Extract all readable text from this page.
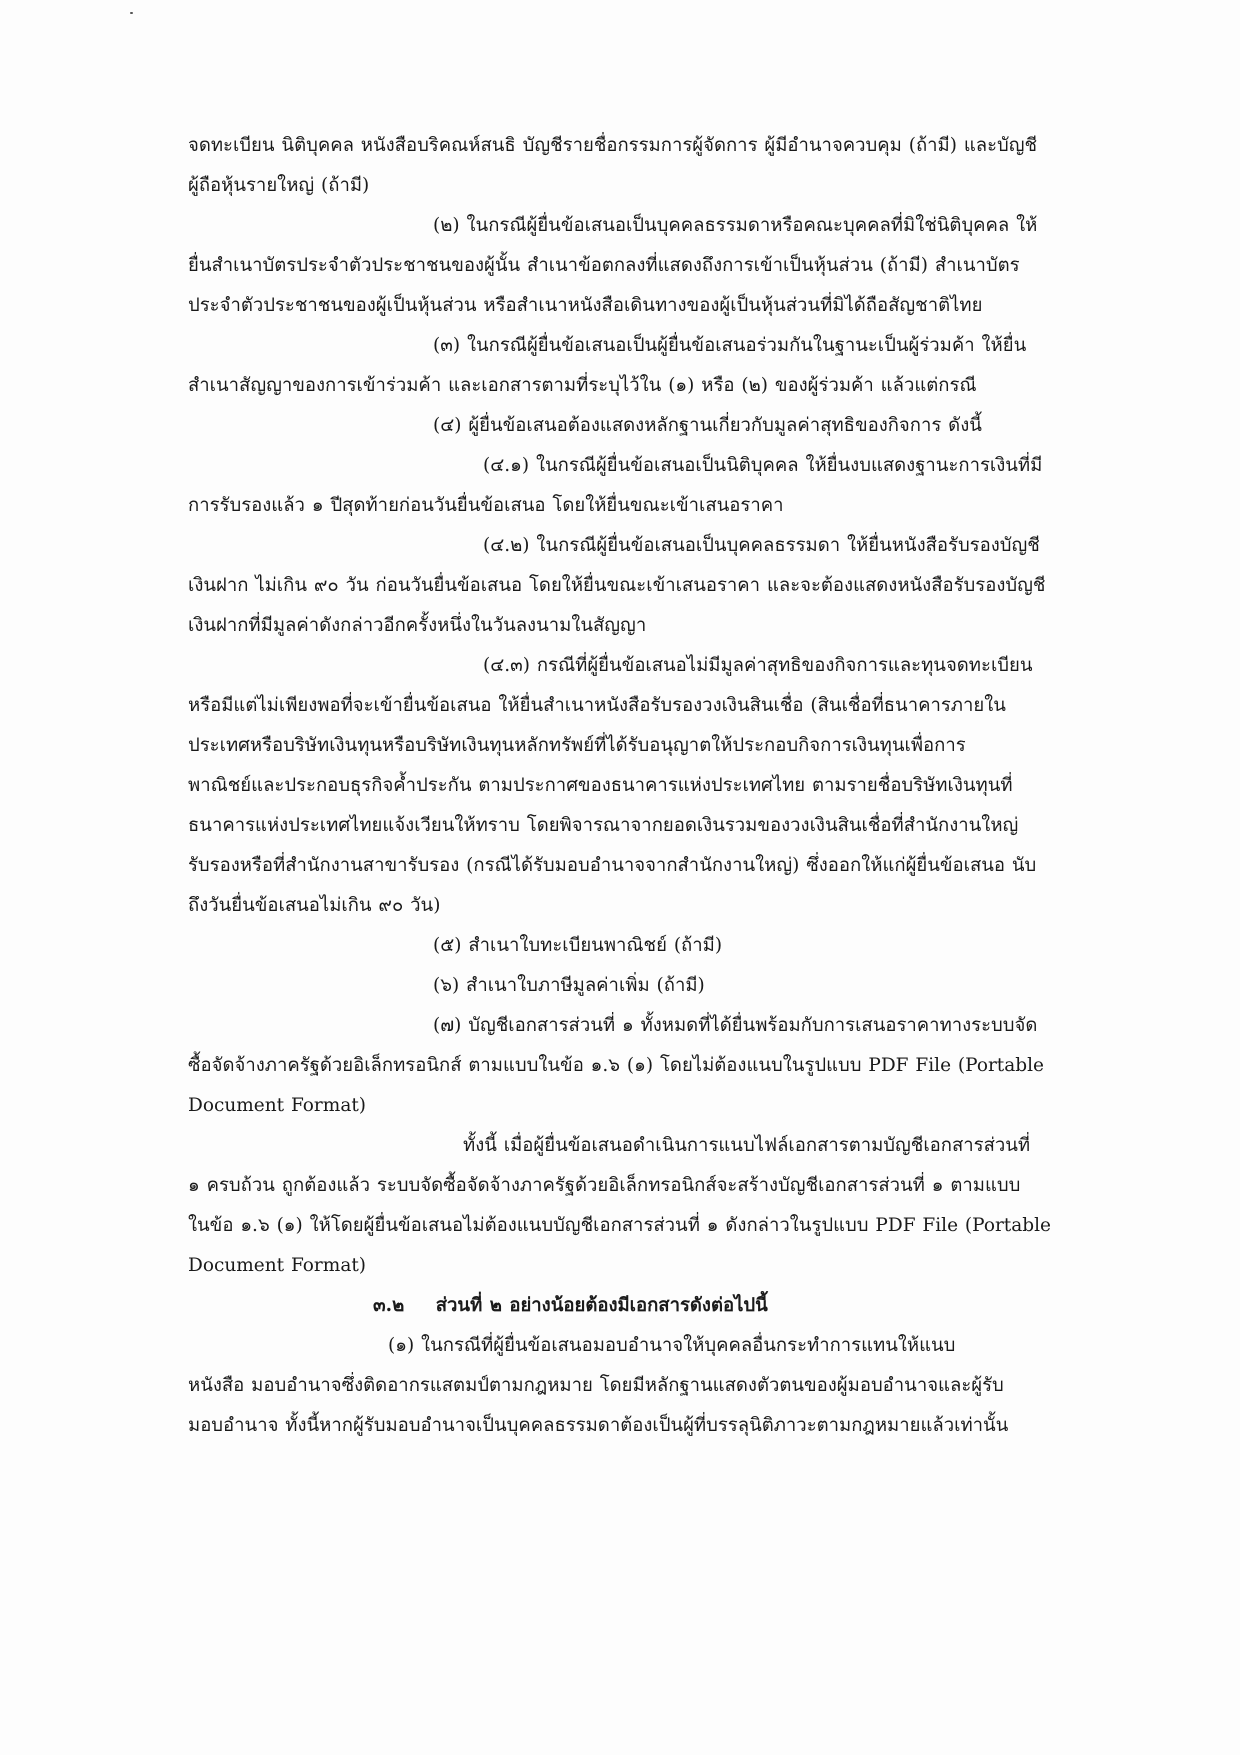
จดทะเบียน นิติบุคคล หนังสือบริคณห์สนธิ บัญชีรายชื่อกรรมการผู้จัดการ ผู้มีอำนาจควบคุม (ถ้ามี) และบัญชี
ผู้ถือหุ้นรายใหญ่ (ถ้ามี)
(๒) ในกรณีผู้ยื่นข้อเสนอเป็นบุคคลธรรมดาหรือคณะบุคคลที่มิใช่นิติบุคคล ให้
ยื่นสำเนาบัตรประจำตัวประชาชนของผู้นั้น สำเนาข้อตกลงที่แสดงถึงการเข้าเป็นหุ้นส่วน (ถ้ามี) สำเนาบัตร
ประจำตัวประชาชนของผู้เป็นหุ้นส่วน หรือสำเนาหนังสือเดินทางของผู้เป็นหุ้นส่วนที่มิได้ถือสัญชาติไทย
(๓) ในกรณีผู้ยื่นข้อเสนอเป็นผู้ยื่นข้อเสนอร่วมกันในฐานะเป็นผู้ร่วมค้า ให้ยื่น
สำเนาสัญญาของการเข้าร่วมค้า และเอกสารตามที่ระบุไว้ใน (๑) หรือ (๒) ของผู้ร่วมค้า แล้วแต่กรณี
(๔) ผู้ยื่นข้อเสนอต้องแสดงหลักฐานเกี่ยวกับมูลค่าสุทธิของกิจการ ดังนี้
(๔.๑) ในกรณีผู้ยื่นข้อเสนอเป็นนิติบุคคล ให้ยื่นงบแสดงฐานะการเงินที่มี
การรับรองแล้ว ๑ ปีสุดท้ายก่อนวันยื่นข้อเสนอ โดยให้ยื่นขณะเข้าเสนอราคา
(๔.๒) ในกรณีผู้ยื่นข้อเสนอเป็นบุคคลธรรมดา ให้ยื่นหนังสือรับรองบัญชี
เงินฝาก ไม่เกิน ๙๐ วัน ก่อนวันยื่นข้อเสนอ โดยให้ยื่นขณะเข้าเสนอราคา และจะต้องแสดงหนังสือรับรองบัญชี
เงินฝากที่มีมูลค่าดังกล่าวอีกครั้งหนึ่งในวันลงนามในสัญญา
(๔.๓) กรณีที่ผู้ยื่นข้อเสนอไม่มีมูลค่าสุทธิของกิจการและทุนจดทะเบียน
หรือมีแต่ไม่เพียงพอที่จะเข้ายื่นข้อเสนอ ให้ยื่นสำเนาหนังสือรับรองวงเงินสินเชื่อ (สินเชื่อที่ธนาคารภายใน
ประเทศหรือบริษัทเงินทุนหรือบริษัทเงินทุนหลักทรัพย์ที่ได้รับอนุญาตให้ประกอบกิจการเงินทุนเพื่อการ
พาณิชย์และประกอบธุรกิจค้ำประกัน ตามประกาศของธนาคารแห่งประเทศไทย ตามรายชื่อบริษัทเงินทุนที่
ธนาคารแห่งประเทศไทยแจ้งเวียนให้ทราบ โดยพิจารณาจากยอดเงินรวมของวงเงินสินเชื่อที่สำนักงานใหญ่
รับรองหรือที่สำนักงานสาขารับรอง (กรณีได้รับมอบอำนาจจากสำนักงานใหญ่) ซึ่งออกให้แก่ผู้ยื่นข้อเสนอ นับ
ถึงวันยื่นข้อเสนอไม่เกิน ๙๐ วัน)
(๕) สำเนาใบทะเบียนพาณิชย์ (ถ้ามี)
(๖) สำเนาใบภาษีมูลค่าเพิ่ม (ถ้ามี)
(๗) บัญชีเอกสารส่วนที่ ๑ ทั้งหมดที่ได้ยื่นพร้อมกับการเสนอราคาทางระบบจัด
ซื้อจัดจ้างภาครัฐด้วยอิเล็กทรอนิกส์ ตามแบบในข้อ ๑.๖ (๑) โดยไม่ต้องแนบในรูปแบบ PDF File (Portable
Document Format)
ทั้งนี้ เมื่อผู้ยื่นข้อเสนอดำเนินการแนบไฟล์เอกสารตามบัญชีเอกสารส่วนที่
๑ ครบถ้วน ถูกต้องแล้ว ระบบจัดซื้อจัดจ้างภาครัฐด้วยอิเล็กทรอนิกส์จะสร้างบัญชีเอกสารส่วนที่ ๑ ตามแบบ
ในข้อ ๑.๖ (๑) ให้โดยผู้ยื่นข้อเสนอไม่ต้องแนบบัญชีเอกสารส่วนที่ ๑ ดังกล่าวในรูปแบบ PDF File (Portable
Document Format)
๓.๒ ส่วนที่ ๒ อย่างน้อยต้องมีเอกสารดังต่อไปนี้
(๑) ในกรณีที่ผู้ยื่นข้อเสนอมอบอำนาจให้บุคคลอื่นกระทำการแทนให้แนบ
หนังสือ มอบอำนาจซึ่งติดอากรแสตมป์ตามกฎหมาย โดยมีหลักฐานแสดงตัวตนของผู้มอบอำนาจและผู้รับ
มอบอำนาจ ทั้งนี้หากผู้รับมอบอำนาจเป็นบุคคลธรรมดาต้องเป็นผู้ที่บรรลุนิติภาวะตามกฎหมายแล้วเท่านั้น
